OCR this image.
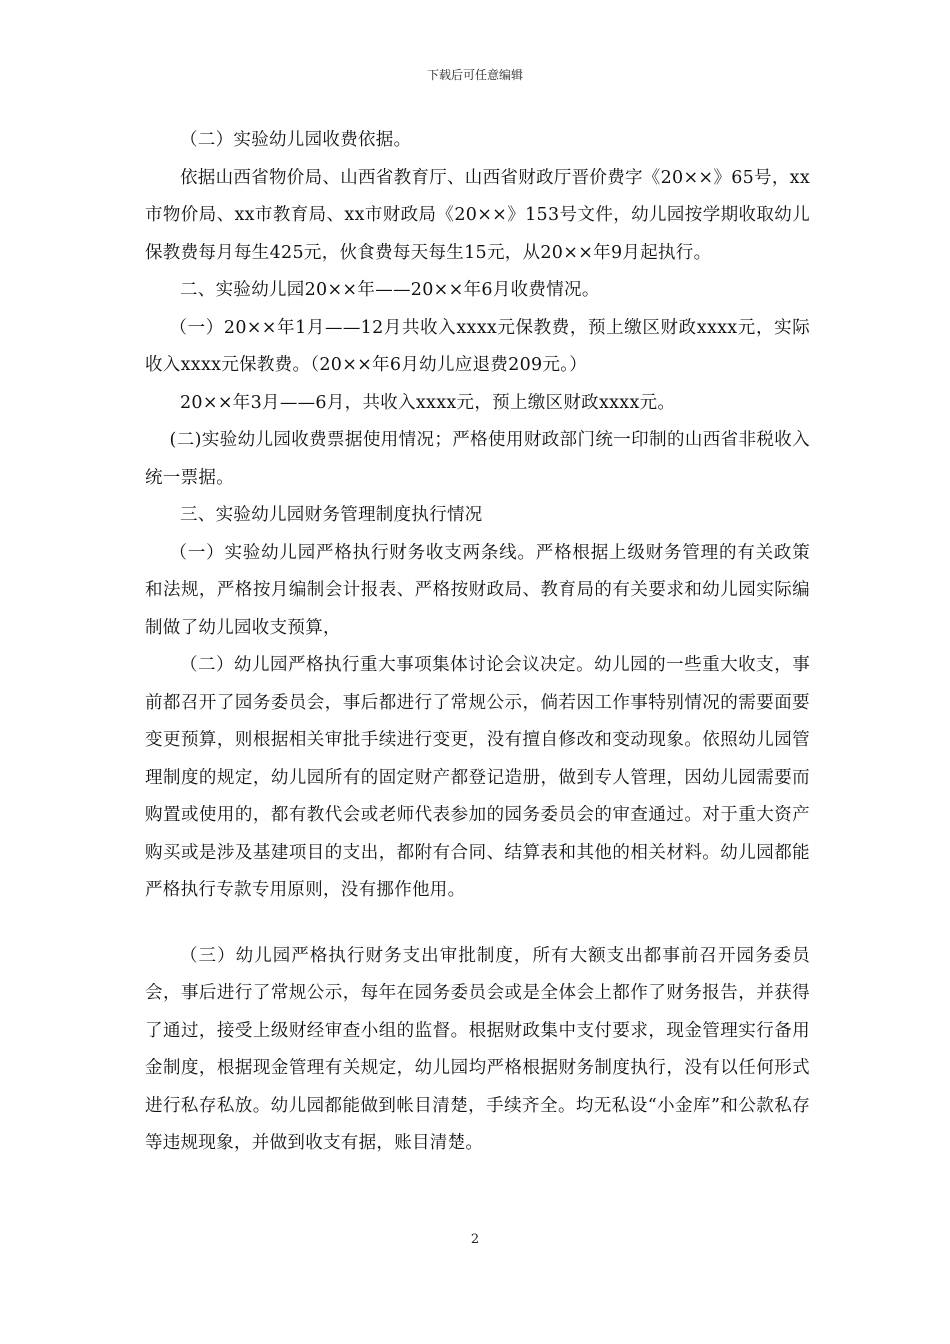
下载后可任意编辑

（二）实验幼儿园收费依据。

依据山西省物价局、山西省教育厅、山西省财政厅晋价费字《20××》65号，xx市物价局、xx市教育局、xx市财政局《20××》153号文件，幼儿园按学期收取幼儿保教费每月每生425元，伙食费每天每生15元，从20××年9月起执行。

二、实验幼儿园20××年——20××年6月收费情况。

（一）20××年1月——12月共收入xxxx元保教费，预上缴区财政xxxx元，实际收入xxxx元保教费。（20××年6月幼儿应退费209元。）

20××年3月——6月，共收入xxxx元，预上缴区财政xxxx元。

(二)实验幼儿园收费票据使用情况；严格使用财政部门统一印制的山西省非税收入统一票据。

三、实验幼儿园财务管理制度执行情况

（一）实验幼儿园严格执行财务收支两条线。严格根据上级财务管理的有关政策和法规，严格按月编制会计报表、严格按财政局、教育局的有关要求和幼儿园实际编制做了幼儿园收支预算，

（二）幼儿园严格执行重大事项集体讨论会议决定。幼儿园的一些重大收支，事前都召开了园务委员会，事后都进行了常规公示，倘若因工作事特别情况的需要面要变更预算，则根据相关审批手续进行变更，没有擅自修改和变动现象。依照幼儿园管理制度的规定，幼儿园所有的固定财产都登记造册，做到专人管理，因幼儿园需要而购置或使用的，都有教代会或老师代表参加的园务委员会的审查通过。对于重大资产购买或是涉及基建项目的支出，都附有合同、结算表和其他的相关材料。幼儿园都能严格执行专款专用原则，没有挪作他用。

（三）幼儿园严格执行财务支出审批制度，所有大额支出都事前召开园务委员会，事后进行了常规公示，每年在园务委员会或是全体会上都作了财务报告，并获得了通过，接受上级财经审查小组的监督。根据财政集中支付要求，现金管理实行备用金制度，根据现金管理有关规定，幼儿园均严格根据财务制度执行，没有以任何形式进行私存私放。幼儿园都能做到帐目清楚，手续齐全。均无私设“小金库”和公款私存等违规现象，并做到收支有据，账目清楚。

2
